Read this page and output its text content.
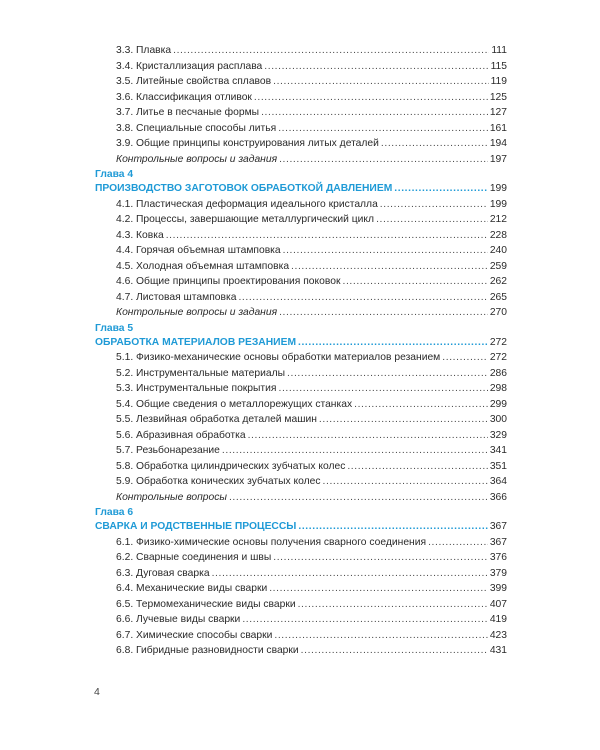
3.3. Плавка .....	111
3.4. Кристаллизация расплава .....	115
3.5. Литейные свойства сплавов .....	119
3.6. Классификация отливок .....	125
3.7. Литье в песчаные формы .....	127
3.8. Специальные способы литья .....	161
3.9. Общие принципы конструирования литых деталей .....	194
Контрольные вопросы и задания .....	197
Глава 4
ПРОИЗВОДСТВО ЗАГОТОВОК ОБРАБОТКОЙ ДАВЛЕНИЕМ .....	199
4.1. Пластическая деформация идеального кристалла .....	199
4.2. Процессы, завершающие металлургический цикл .....	212
4.3. Ковка .....	228
4.4. Горячая объемная штамповка .....	240
4.5. Холодная объемная штамповка .....	259
4.6. Общие принципы проектирования поковок .....	262
4.7. Листовая штамповка .....	265
Контрольные вопросы и задания .....	270
Глава 5
ОБРАБОТКА МАТЕРИАЛОВ РЕЗАНИЕМ .....	272
5.1. Физико-механические основы обработки материалов резанием .....	272
5.2. Инструментальные материалы .....	286
5.3. Инструментальные покрытия .....	298
5.4. Общие сведения о металлорежущих станках .....	299
5.5. Лезвийная обработка деталей машин .....	300
5.6. Абразивная обработка .....	329
5.7. Резьбонарезание .....	341
5.8. Обработка цилиндрических зубчатых колес .....	351
5.9. Обработка конических зубчатых колес .....	364
Контрольные вопросы .....	366
Глава 6
СВАРКА И РОДСТВЕННЫЕ ПРОЦЕССЫ .....	367
6.1. Физико-химические основы получения сварного соединения .....	367
6.2. Сварные соединения и швы .....	376
6.3. Дуговая сварка .....	379
6.4. Механические виды сварки .....	399
6.5. Термомеханические виды сварки .....	407
6.6. Лучевые виды сварки .....	419
6.7. Химические способы сварки .....	423
6.8. Гибридные разновидности сварки .....	431
4
